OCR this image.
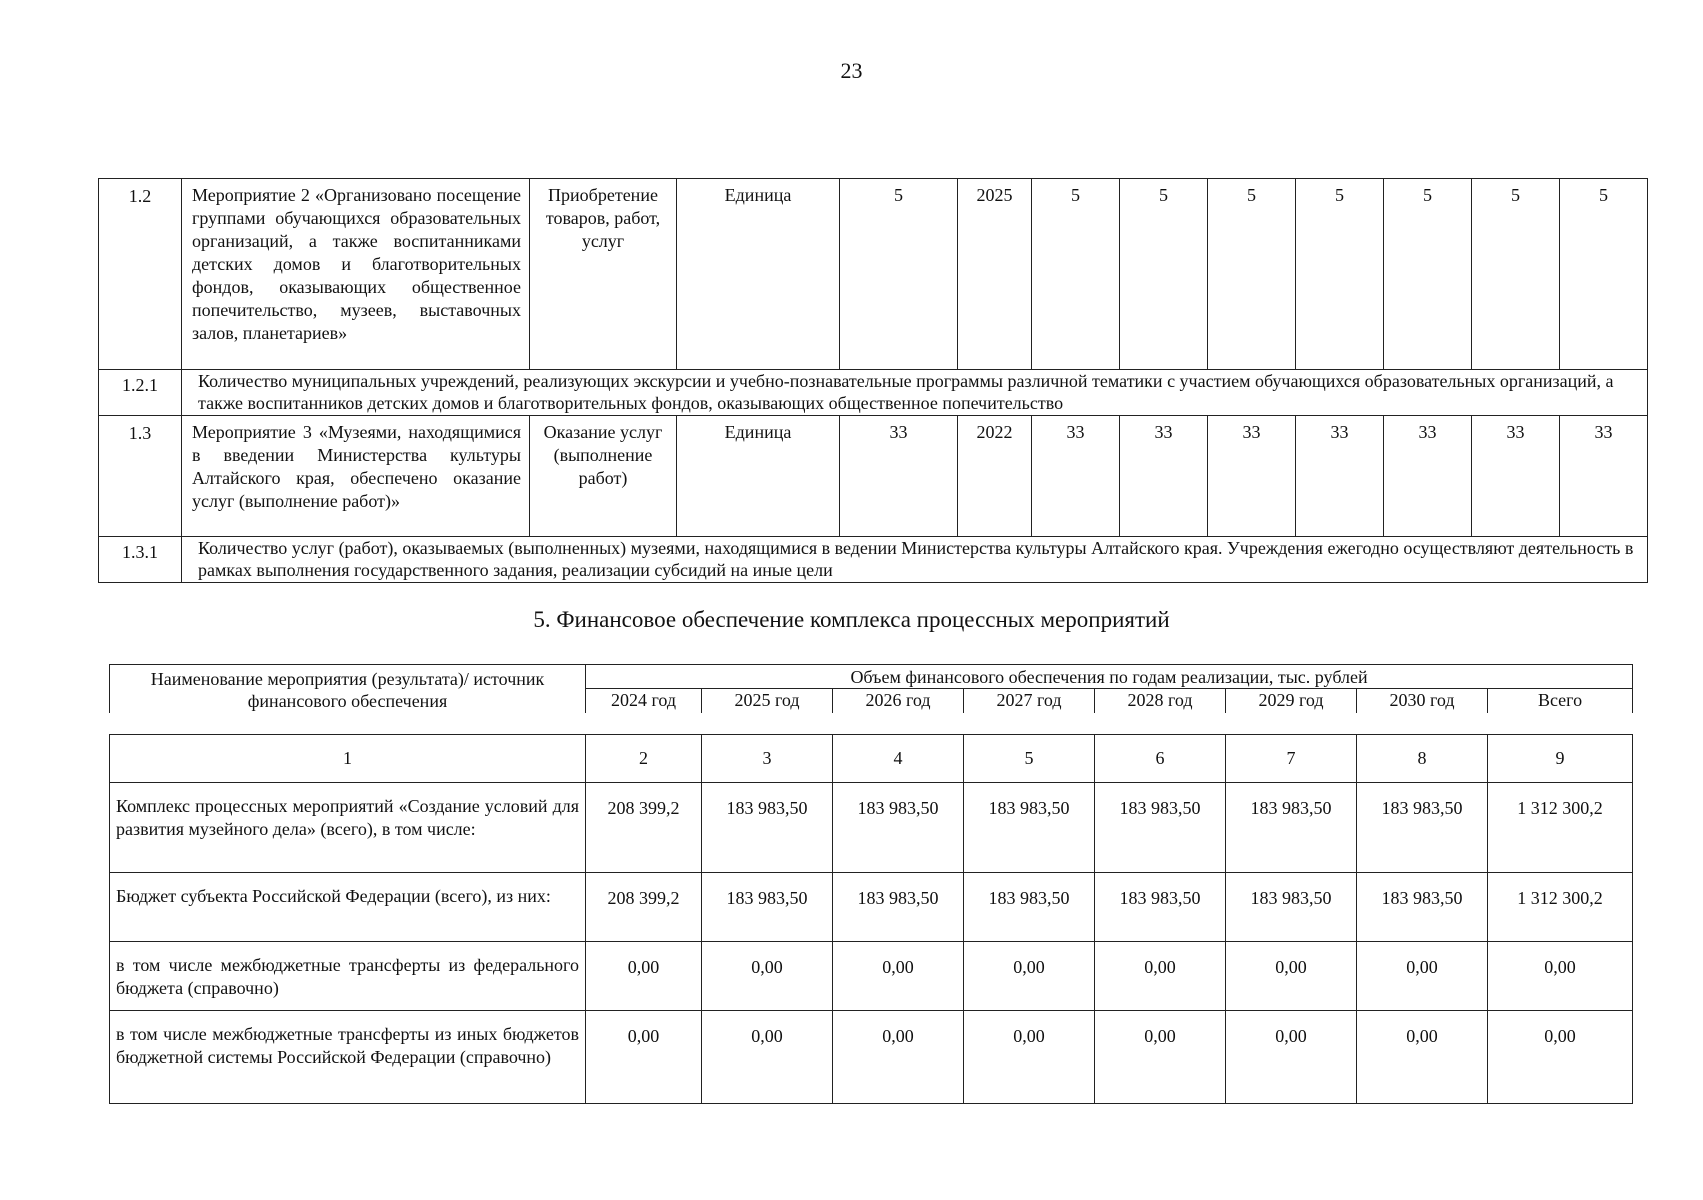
23
1.2	Мероприятие 2 «Организовано посещение группами обучающихся образовательных организаций, а также воспитанниками детских домов и благотворительных фондов, оказывающих общественное попечительство, музеев, выставочных залов, планетариев»	Приобретение товаров, работ, услуг	Единица	5	2025	5	5	5	5	5	5	5
1.2.1	Количество муниципальных учреждений, реализующих экскурсии и учебно-познавательные программы различной тематики с участием обучающихся образовательных организаций, а также воспитанников детских домов и благотворительных фондов, оказывающих общественное попечительство											
1.3	Мероприятие 3 «Музеями, находящимися в введении Министерства культуры Алтайского края, обеспечено оказание услуг (выполнение работ)»	Оказание услуг (выполнение работ)	Единица	33	2022	33	33	33	33	33	33	33
1.3.1	Количество услуг (работ), оказываемых (выполненных) музеями, находящимися в ведении Министерства культуры Алтайского края. Учреждения ежегодно осуществляют деятельность в рамках выполнения государственного задания, реализации субсидий на иные цели											
5. Финансовое обеспечение комплекса процессных мероприятий
Наименование мероприятия (результата)/ источник финансового обеспечения	Объем финансового обеспечения по годам реализации, тыс. рублей							
	2024 год	2025 год	2026 год	2027 год	2028 год	2029 год	2030 год	Всего
1	2	3	4	5	6	7	8	9
Комплекс процессных мероприятий «Создание условий для развития музейного дела» (всего), в том числе:	208 399,2	183 983,50	183 983,50	183 983,50	183 983,50	183 983,50	183 983,50	1 312 300,2
Бюджет субъекта Российской Федерации (всего), из них:	208 399,2	183 983,50	183 983,50	183 983,50	183 983,50	183 983,50	183 983,50	1 312 300,2
в том числе межбюджетные трансферты из федерального бюджета (справочно)	0,00	0,00	0,00	0,00	0,00	0,00	0,00	0,00
в том числе межбюджетные трансферты из иных бюджетов бюджетной системы Российской Федерации (справочно)	0,00	0,00	0,00	0,00	0,00	0,00	0,00	0,00
